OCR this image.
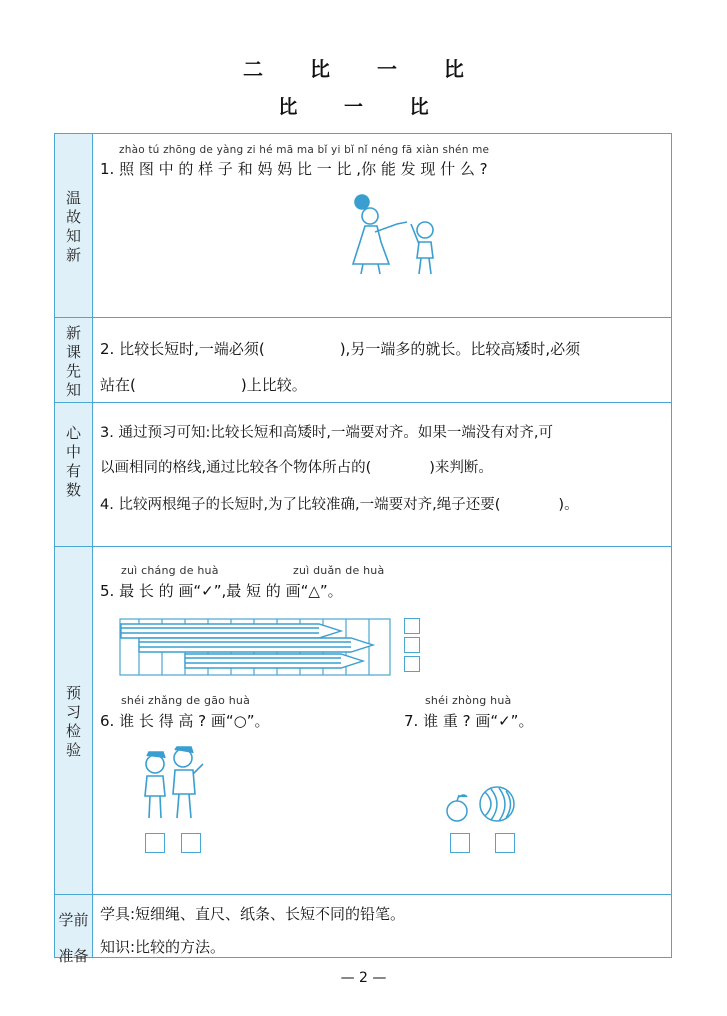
二 比 一 比
比 一 比
温
故
知
新
新
课
先
知
心
中
有
数
预
习
检
验
学前
准备
zhào tú zhōng de yàng zi hé mā ma bǐ yi bǐ nǐ néng fā xiàn shén me
1. 照 图 中 的 样 子 和 妈 妈 比 一 比 ,你 能 发 现 什 么 ?
2. 比较长短时,一端必须(　　　　　),另一端多的就长。比较高矮时,必须
站在(　　　　　　　)上比较。
3. 通过预习可知:比较长短和高矮时,一端要对齐。如果一端没有对齐,可
以画相同的格线,通过比较各个物体所占的(　　　　)来判断。
4. 比较两根绳子的长短时,为了比较准确,一端要对齐,绳子还要(　　　　)。
zuì cháng de huà	zuì duǎn de huà
5. 最 长 的 画“✓”,最 短 的 画“△”。
shéi zhǎng de gāo huà
6. 谁 长 得 高 ? 画“○”。
shéi zhòng huà
7. 谁 重 ? 画“✓”。
学具:短细绳、直尺、纸条、长短不同的铅笔。
知识:比较的方法。
— 2 —
